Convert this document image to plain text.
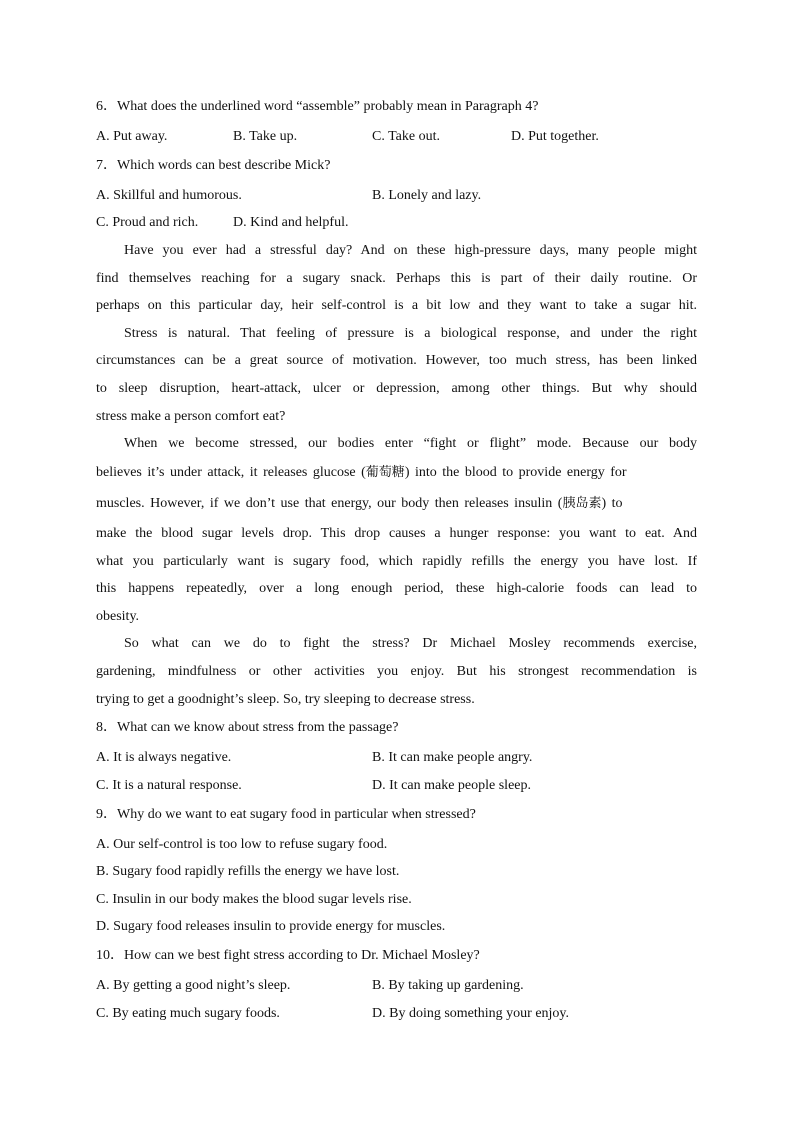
6．What does the underlined word “assemble” probably mean in Paragraph 4?
A. Put away.	B. Take up.	C. Take out.	D. Put together.
7．Which words can best describe Mick?
A. Skillful and humorous.	B. Lonely and lazy.
C. Proud and rich. D. Kind and helpful.
Have you ever had a stressful day? And on these high-pressure days, many people might
find themselves reaching for a sugary snack. Perhaps this is part of their daily routine. Or
perhaps on this particular day, heir self-control is a bit low and they want to take a sugar hit.
Stress is natural. That feeling of pressure is a biological response, and under the right
circumstances can be a great source of motivation. However, too much stress, has been linked
to sleep disruption, heart-attack, ulcer or depression, among other things. But why should
stress make a person comfort eat?
When we become stressed, our bodies enter “fight or flight” mode. Because our body
believes it’s under attack, it releases glucose (葡萄糖) into the blood to provide energy for
muscles. However, if we don’t use that energy, our body then releases insulin (胰岛素) to
make the blood sugar levels drop. This drop causes a hunger response: you want to eat. And
what you particularly want is sugary food, which rapidly refills the energy you have lost. If
this happens repeatedly, over a long enough period, these high-calorie foods can lead to
obesity.
So what can we do to fight the stress? Dr Michael Mosley recommends exercise,
gardening, mindfulness or other activities you enjoy. But his strongest recommendation is
trying to get a goodnight’s sleep. So, try sleeping to decrease stress.
8．What can we know about stress from the passage?
A. It is always negative.	B. It can make people angry.
C. It is a natural response.	D. It can make people sleep.
9．Why do we want to eat sugary food in particular when stressed?
A. Our self-control is too low to refuse sugary food.
B. Sugary food rapidly refills the energy we have lost.
C. Insulin in our body makes the blood sugar levels rise.
D. Sugary food releases insulin to provide energy for muscles.
10．How can we best fight stress according to Dr. Michael Mosley?
A. By getting a good night’s sleep.	B. By taking up gardening.
C. By eating much sugary foods.	D. By doing something your enjoy.
